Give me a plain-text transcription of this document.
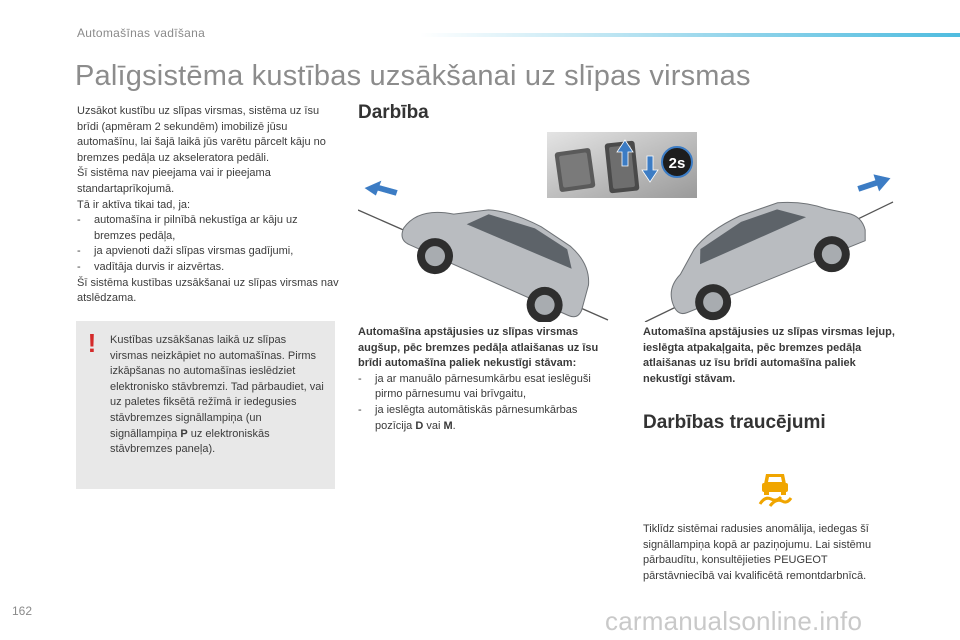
Automašīnas vadīšana
Palīgsistēma kustības uzsākšanai uz slīpas virsmas

Uzsākot kustību uz slīpas virsmas, sistēma uz īsu brīdi (apmēram 2 sekundēm) imobilizē jūsu automašīnu, lai šajā laikā jūs varētu pārcelt kāju no bremzes pedāļa uz akseleratora pedāli.

Šī sistēma nav pieejama vai ir pieejama standartaprīkojumā.

Tā ir aktīva tikai tad, ja:

- automašīna ir pilnībā nekustīga ar kāju uz bremzes pedāļa,

- ja apvienoti daži slīpas virsmas gadījumi,

- vadītāja durvis ir aizvērtas.

Šī sistēma kustības uzsākšanai uz slīpas virsmas nav atslēdzama.

! Kustības uzsākšanas laikā uz slīpas virsmas neizkāpiet no automašīnas. Pirms izkāpšanas no automašīnas ieslēdziet elektronisko stāvbremzi. Tad pārbaudiet, vai uz paletes fiksētā režīmā ir iedegusies stāvbremzes signāllampiņa (un signāllampiņa P uz elektroniskās stāvbremzes paneļa).
Darbība
2s

Automašīna apstājusies uz slīpas virsmas augšup, pēc bremzes pedāļa atlaišanas uz īsu brīdi automašīna paliek nekustīgi stāvam:

- ja ar manuālo pārnesumkārbu esat ieslēguši pirmo pārnesumu vai brīvgaitu,

- ja ieslēgta automātiskās pārnesumkārbas pozīcija D vai M.

Automašīna apstājusies uz slīpas virsmas lejup, ieslēgta atpakaļgaita, pēc bremzes pedāļa atlaišanas uz īsu brīdi automašīna paliek nekustīgi stāvam.
Darbības traucējumi
Tiklīdz sistēmai radusies anomālija, iedegas šī signāllampiņa kopā ar paziņojumu. Lai sistēmu pārbaudītu, konsultējieties PEUGEOT pārstāvniecībā vai kvalificētā remontdarbnīcā.
162	carmanualsonline.info
